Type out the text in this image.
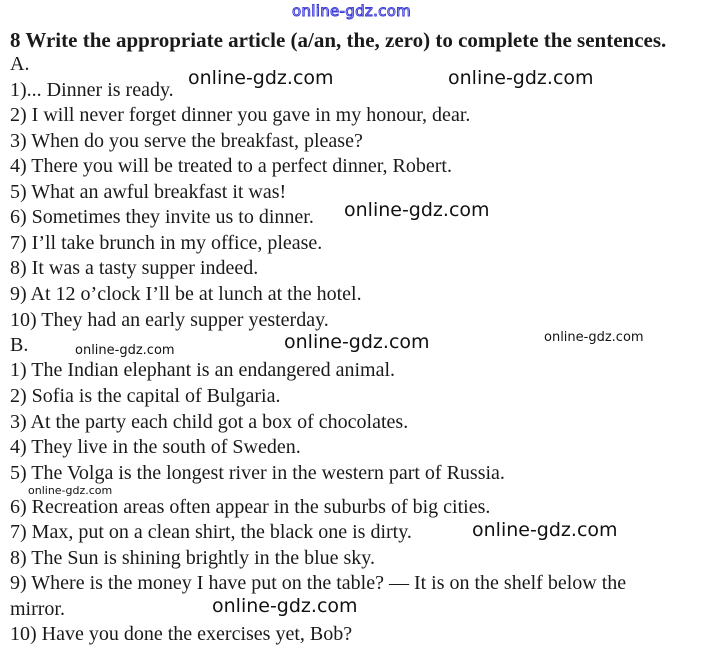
online-gdz.com
8 Write the appropriate article (a/an, the, zero) to complete the sentences.
A.
1)... Dinner is ready.
2) I will never forget dinner you gave in my honour, dear.
3) When do you serve the breakfast, please?
4) There you will be treated to a perfect dinner, Robert.
5) What an awful breakfast it was!
6) Sometimes they invite us to dinner.
7) I’ll take brunch in my office, please.
8) It was a tasty supper indeed.
9) At 12 o’clock I’ll be at lunch at the hotel.
10) They had an early supper yesterday.
B.
1) The Indian elephant is an endangered animal.
2) Sofia is the capital of Bulgaria.
3) At the party each child got a box of chocolates.
4) They live in the south of Sweden.
5) The Volga is the longest river in the western part of Russia.
6) Recreation areas often appear in the suburbs of big cities.
7) Max, put on a clean shirt, the black one is dirty.
8) The Sun is shining brightly in the blue sky.
9) Where is the money I have put on the table? — It is on the shelf below the
mirror.
10) Have you done the exercises yet, Bob?
online-gdz.com	online-gdz.com
online-gdz.com
online-gdz.com	online-gdz.com
online-gdz.com
online-gdz.com
online-gdz.com
online-gdz.com
